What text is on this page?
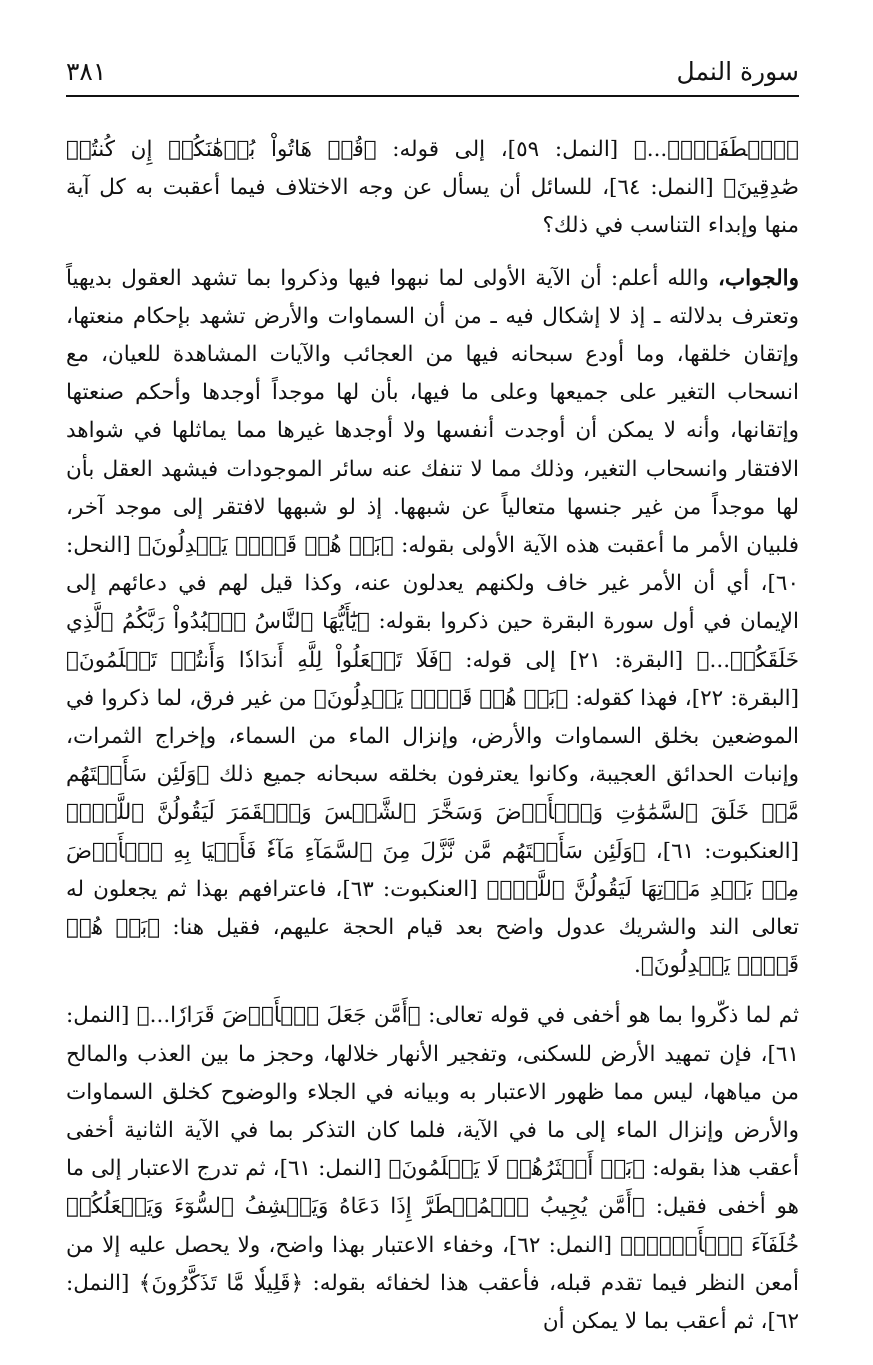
سورة النمل
٣٨١

﴿ٱصۡطَفَىٰٓۗ...﴾ [النمل: ٥٩]، إلى قوله: ﴿قُلۡ هَاتُواْ بُرۡهَٰنَكُمۡ إِن كُنتُمۡ صَٰدِقِينَ﴾ [النمل: ٦٤]، للسائل أن يسأل عن وجه الاختلاف فيما أعقبت به كل آية منها وإبداء التناسب في ذلك؟

والجواب، والله أعلم: أن الآية الأولى لما نبهوا فيها وذكروا بما تشهد العقول بديهياً وتعترف بدلالته ـ إذ لا إشكال فيه ـ من أن السماوات والأرض تشهد بإحكام منعتها، وإتقان خلقها، وما أودع سبحانه فيها من العجائب والآيات المشاهدة للعيان، مع انسحاب التغير على جميعها وعلى ما فيها، بأن لها موجداً أوجدها وأحكم صنعتها وإتقانها، وأنه لا يمكن أن أوجدت أنفسها ولا أوجدها غيرها مما يماثلها في شواهد الافتقار وانسحاب التغير، وذلك مما لا تنفك عنه سائر الموجودات فيشهد العقل بأن لها موجداً من غير جنسها متعالياً عن شبهها. إذ لو شبهها لافتقر إلى موجد آخر، فلبيان الأمر ما أعقبت هذه الآية الأولى بقوله: ﴿بَلۡ هُمۡ قَوۡمٞ يَعۡدِلُونَ﴾ [النحل: ٦٠]، أي أن الأمر غير خاف ولكنهم يعدلون عنه، وكذا قيل لهم في دعائهم إلى الإيمان في أول سورة البقرة حين ذكروا بقوله: ﴿يَٰٓأَيُّهَا ٱلنَّاسُ ٱعۡبُدُواْ رَبَّكُمُ ٱلَّذِي خَلَقَكُمۡ...﴾ [البقرة: ٢١] إلى قوله: ﴿فَلَا تَجۡعَلُواْ لِلَّهِ أَندَادٗا وَأَنتُمۡ تَعۡلَمُونَ﴾ [البقرة: ٢٢]، فهذا كقوله: ﴿بَلۡ هُمۡ قَوۡمٞ يَعۡدِلُونَ﴾ من غير فرق، لما ذكروا في الموضعين بخلق السماوات والأرض، وإنزال الماء من السماء، وإخراج الثمرات، وإنبات الحدائق العجيبة، وكانوا يعترفون بخلقه سبحانه جميع ذلك ﴿وَلَئِن سَأَلۡتَهُم مَّنۡ خَلَقَ ٱلسَّمَٰوَٰتِ وَٱلۡأَرۡضَ وَسَخَّرَ ٱلشَّمۡسَ وَٱلۡقَمَرَ لَيَقُولُنَّ ٱللَّهُۖ﴾ [العنكبوت: ٦١]، ﴿وَلَئِن سَأَلۡتَهُم مَّن نَّزَّلَ مِنَ ٱلسَّمَآءِ مَآءٗ فَأَحۡيَا بِهِ ٱلۡأَرۡضَ مِنۢ بَعۡدِ مَوۡتِهَا لَيَقُولُنَّ ٱللَّهُۚ﴾ [العنكبوت: ٦٣]، فاعترافهم بهذا ثم يجعلون له تعالى الند والشريك عدول واضح بعد قيام الحجة عليهم، فقيل هنا: ﴿بَلۡ هُمۡ قَوۡمٞ يَعۡدِلُونَ﴾.

ثم لما ذكّروا بما هو أخفى في قوله تعالى: ﴿أَمَّن جَعَلَ ٱلۡأَرۡضَ قَرَارٗا...﴾ [النمل: ٦١]، فإن تمهيد الأرض للسكنى، وتفجير الأنهار خلالها، وحجز ما بين العذب والمالح من مياهها، ليس مما ظهور الاعتبار به وبيانه في الجلاء والوضوح كخلق السماوات والأرض وإنزال الماء إلى ما في الآية، فلما كان التذكر بما في الآية الثانية أخفى أعقب هذا بقوله: ﴿بَلۡ أَكۡثَرُهُمۡ لَا يَعۡلَمُونَ﴾ [النمل: ٦١]، ثم تدرج الاعتبار إلى ما هو أخفى فقيل: ﴿أَمَّن يُجِيبُ ٱلۡمُضۡطَرَّ إِذَا دَعَاهُ وَيَكۡشِفُ ٱلسُّوٓءَ وَيَجۡعَلُكُمۡ خُلَفَآءَ ٱلۡأَرۡضِۗ﴾ [النمل: ٦٢]، وخفاء الاعتبار بهذا واضح، ولا يحصل عليه إلا من أمعن النظر فيما تقدم قبله، فأعقب هذا لخفائه بقوله: ﴿قَلِيلٗا مَّا تَذَكَّرُونَ﴾ [النمل: ٦٢]، ثم أعقب بما لا يمكن أن
